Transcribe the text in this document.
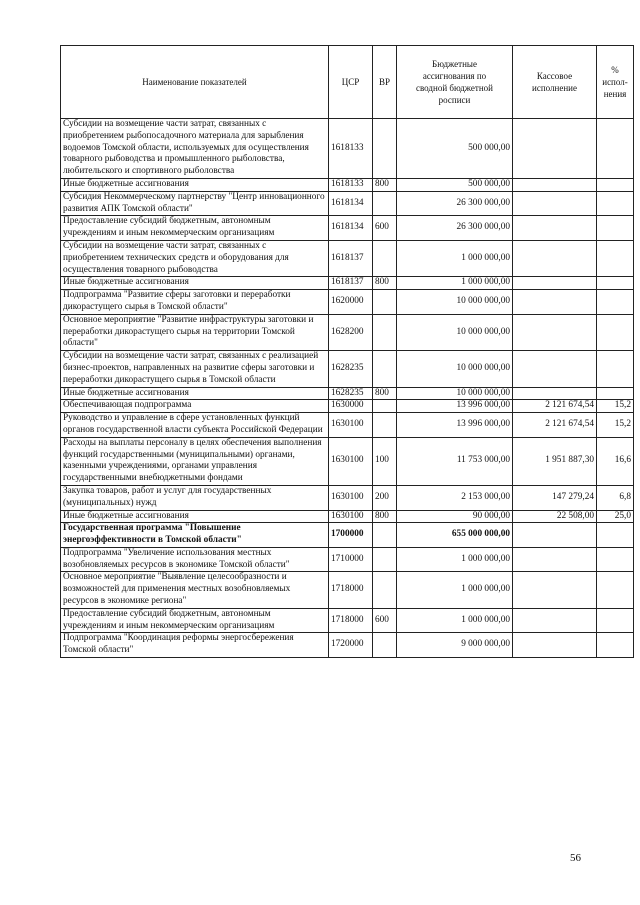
Наименование показателей	ЦСР	ВР	Бюджетные ассигнования по сводной бюджетной росписи	Кассовое исполнение	% испол-нения
Субсидии на возмещение части затрат, связанных с приобретением рыбопосадочного материала для зарыбления водоемов Томской области, используемых для осуществления товарного рыбоводства и промышленного рыболовства, любительского и спортивного рыболовства	1618133		500 000,00		
Иные бюджетные ассигнования	1618133	800	500 000,00		
Субсидия Некоммерческому партнерству "Центр инновационного развития АПК Томской области"	1618134		26 300 000,00		
Предоставление субсидий бюджетным, автономным учреждениям и иным некоммерческим организациям	1618134	600	26 300 000,00		
Субсидии на возмещение части затрат, связанных с приобретением технических средств и оборудования для осуществления товарного рыбоводства	1618137		1 000 000,00		
Иные бюджетные ассигнования	1618137	800	1 000 000,00		
Подпрограмма "Развитие сферы заготовки и переработки дикорастущего сырья в Томской области"	1620000		10 000 000,00		
Основное мероприятие "Развитие инфраструктуры заготовки и переработки дикорастущего сырья на территории Томской области"	1628200		10 000 000,00		
Субсидии на возмещение части затрат, связанных с реализацией бизнес-проектов, направленных на развитие сферы заготовки и переработки дикорастущего сырья в Томской области	1628235		10 000 000,00		
Иные бюджетные ассигнования	1628235	800	10 000 000,00		
Обеспечивающая подпрограмма	1630000		13 996 000,00	2 121 674,54	15,2
Руководство и управление в сфере установленных функций органов государственной власти субъекта Российской Федерации	1630100		13 996 000,00	2 121 674,54	15,2
Расходы на выплаты персоналу в целях обеспечения выполнения функций государственными (муниципальными) органами, казенными учреждениями, органами управления государственными внебюджетными фондами	1630100	100	11 753 000,00	1 951 887,30	16,6
Закупка товаров, работ и услуг для государственных (муниципальных) нужд	1630100	200	2 153 000,00	147 279,24	6,8
Иные бюджетные ассигнования	1630100	800	90 000,00	22 508,00	25,0
Государственная программа "Повышение энергоэффективности в Томской области"	1700000		655 000 000,00		
Подпрограмма "Увеличение использования местных возобновляемых ресурсов в экономике Томской области"	1710000		1 000 000,00		
Основное мероприятие "Выявление целесообразности и возможностей для применения местных возобновляемых ресурсов в экономике региона"	1718000		1 000 000,00		
Предоставление субсидий бюджетным, автономным учреждениям и иным некоммерческим организациям	1718000	600	1 000 000,00		
Подпрограмма "Координация реформы энергосбережения Томской области"	1720000		9 000 000,00		
56
